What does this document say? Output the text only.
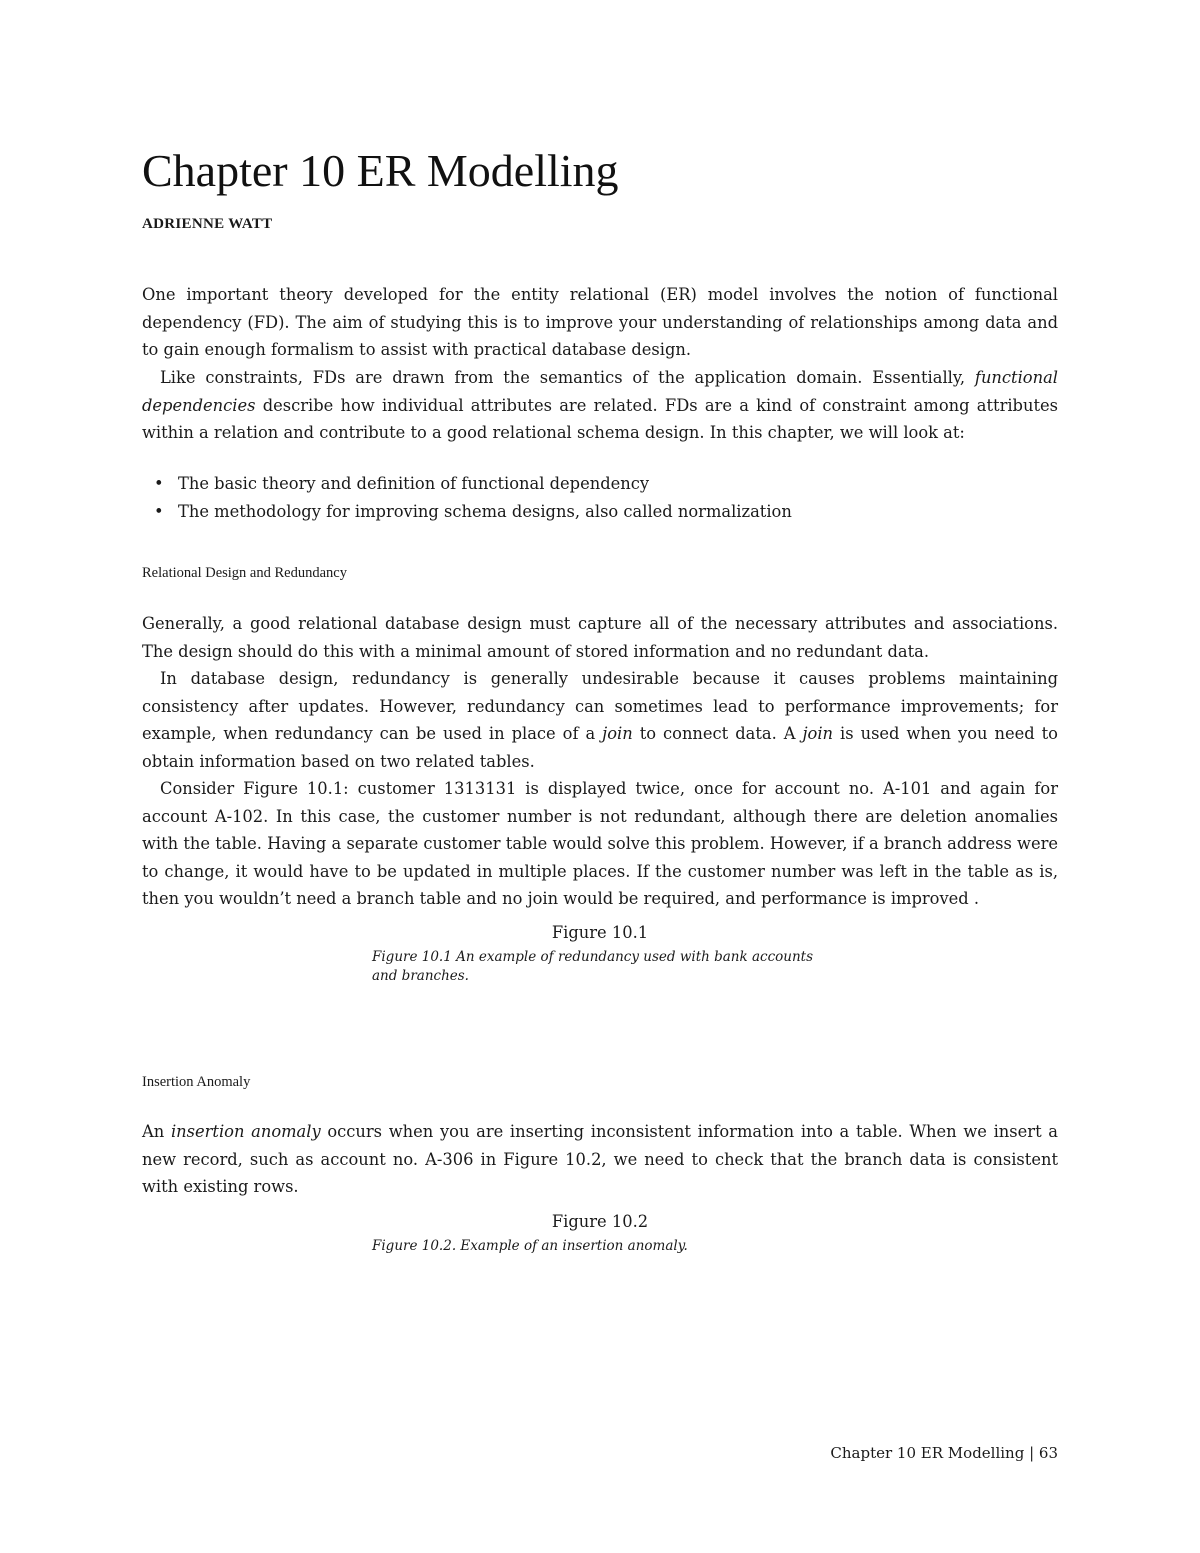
Chapter 10 ER Modelling
ADRIENNE WATT

One important theory developed for the entity relational (ER) model involves the notion of functional dependency (FD). The aim of studying this is to improve your understanding of relationships among data and to gain enough formalism to assist with practical database design.

Like constraints, FDs are drawn from the semantics of the application domain. Essentially, functional dependencies describe how individual attributes are related. FDs are a kind of constraint among attributes within a relation and contribute to a good relational schema design. In this chapter, we will look at:

• The basic theory and definition of functional dependency
• The methodology for improving schema designs, also called normalization
Relational Design and Redundancy

Generally, a good relational database design must capture all of the necessary attributes and associations. The design should do this with a minimal amount of stored information and no redundant data.

In database design, redundancy is generally undesirable because it causes problems maintaining consistency after updates. However, redundancy can sometimes lead to performance improvements; for example, when redundancy can be used in place of a join to connect data. A join is used when you need to obtain information based on two related tables.

Consider Figure 10.1: customer 1313131 is displayed twice, once for account no. A-101 and again for account A-102. In this case, the customer number is not redundant, although there are deletion anomalies with the table. Having a separate customer table would solve this problem. However, if a branch address were to change, it would have to be updated in multiple places. If the customer number was left in the table as is, then you wouldn’t need a branch table and no join would be required, and performance is improved .

Figure 10.1

Figure 10.1 An example of redundancy used with bank accounts and branches.

Insertion Anomaly

An insertion anomaly occurs when you are inserting inconsistent information into a table. When we insert a new record, such as account no. A-306 in Figure 10.2, we need to check that the branch data is consistent with existing rows.

Figure 10.2

Figure 10.2. Example of an insertion anomaly.

Chapter 10 ER Modelling | 63
